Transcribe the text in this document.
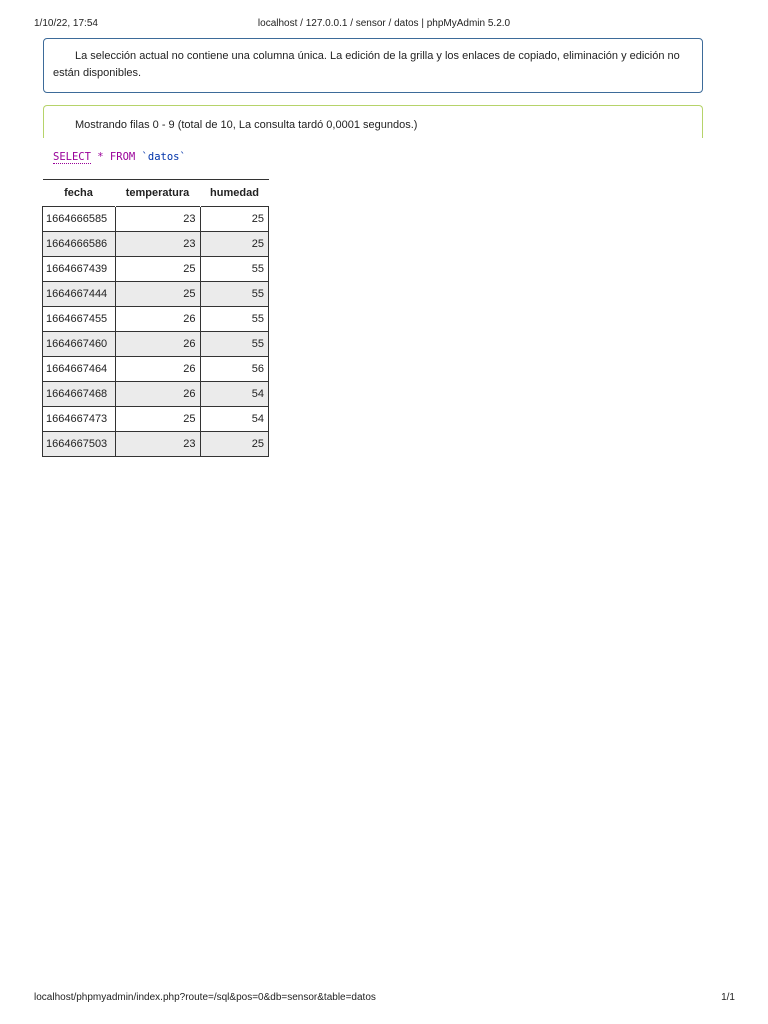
1/10/22, 17:54	localhost / 127.0.0.1 / sensor / datos | phpMyAdmin 5.2.0
La selección actual no contiene una columna única. La edición de la grilla y los enlaces de copiado, eliminación y edición no están disponibles.
Mostrando filas 0 - 9 (total de 10, La consulta tardó 0,0001 segundos.)
SELECT * FROM `datos`
fecha	temperatura	humedad
1664666585	23	25
1664666586	23	25
1664667439	25	55
1664667444	25	55
1664667455	26	55
1664667460	26	55
1664667464	26	56
1664667468	26	54
1664667473	25	54
1664667503	23	25
localhost/phpmyadmin/index.php?route=/sql&pos=0&db=sensor&table=datos	1/1
